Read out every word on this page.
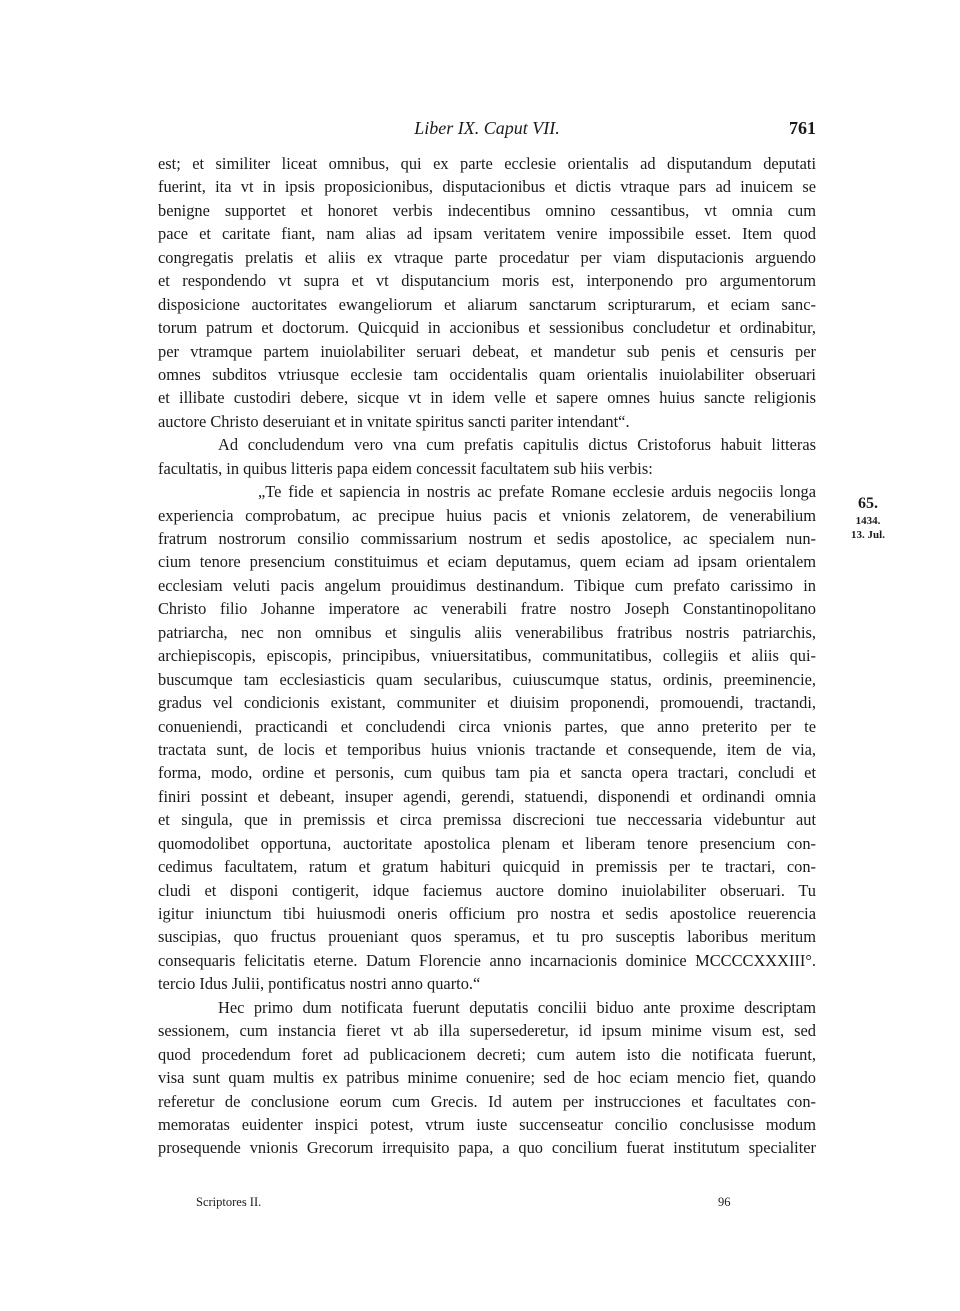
Liber IX. Caput VII.	761
est; et similiter liceat omnibus, qui ex parte ecclesie orientalis ad disputandum deputati
fuerint, ita vt in ipsis proposicionibus, disputacionibus et dictis vtraque pars ad inuicem se
benigne supportet et honoret verbis indecentibus omnino cessantibus, vt omnia cum
pace et caritate fiant, nam alias ad ipsam veritatem venire impossibile esset. Item quod
congregatis prelatis et aliis ex vtraque parte procedatur per viam disputacionis arguendo
et respondendo vt supra et vt disputancium moris est, interponendo pro argumentorum
disposicione auctoritates ewangeliorum et aliarum sanctarum scripturarum, et eciam sanc-
torum patrum et doctorum. Quicquid in accionibus et sessionibus concludetur et ordinabitur,
per vtramque partem inuiolabiliter seruari debeat, et mandetur sub penis et censuris per
omnes subditos vtriusque ecclesie tam occidentalis quam orientalis inuiolabiliter obseruari
et illibate custodiri debere, sicque vt in idem velle et sapere omnes huius sancte religionis
auctore Christo deseruiant et in vnitate spiritus sancti pariter intendant“.
Ad concludendum vero vna cum prefatis capitulis dictus Cristoforus habuit litteras
facultatis, in quibus litteris papa eidem concessit facultatem sub hiis verbis:
„Te fide et sapiencia in nostris ac prefate Romane ecclesie arduis negociis longa
experiencia comprobatum, ac precipue huius pacis et vnionis zelatorem, de venerabilium
fratrum nostrorum consilio commissarium nostrum et sedis apostolice, ac specialem nun-
cium tenore presencium constituimus et eciam deputamus, quem eciam ad ipsam orientalem
ecclesiam veluti pacis angelum prouidimus destinandum. Tibique cum prefato carissimo in
Christo filio Johanne imperatore ac venerabili fratre nostro Joseph Constantinopolitano
patriarcha, nec non omnibus et singulis aliis venerabilibus fratribus nostris patriarchis,
archiepiscopis, episcopis, principibus, vniuersitatibus, communitatibus, collegiis et aliis qui-
buscumque tam ecclesiasticis quam secularibus, cuiuscumque status, ordinis, preeminencie,
gradus vel condicionis existant, communiter et diuisim proponendi, promouendi, tractandi,
conueniendi, practicandi et concludendi circa vnionis partes, que anno preterito per te
tractata sunt, de locis et temporibus huius vnionis tractande et consequende, item de via,
forma, modo, ordine et personis, cum quibus tam pia et sancta opera tractari, concludi et
finiri possint et debeant, insuper agendi, gerendi, statuendi, disponendi et ordinandi omnia
et singula, que in premissis et circa premissa discrecioni tue neccessaria videbuntur aut
quomodolibet opportuna, auctoritate apostolica plenam et liberam tenore presencium con-
cedimus facultatem, ratum et gratum habituri quicquid in premissis per te tractari, con-
cludi et disponi contigerit, idque faciemus auctore domino inuiolabiliter obseruari. Tu
igitur iniunctum tibi huiusmodi oneris officium pro nostra et sedis apostolice reuerencia
suscipias, quo fructus proueniant quos speramus, et tu pro susceptis laboribus meritum
consequaris felicitatis eterne. Datum Florencie anno incarnacionis dominice MCCCCXXXIII°.
tercio Idus Julii, pontificatus nostri anno quarto.“
Hec primo dum notificata fuerunt deputatis concilii biduo ante proxime descriptam
sessionem, cum instancia fieret vt ab illa supersederetur, id ipsum minime visum est, sed
quod procedendum foret ad publicacionem decreti; cum autem isto die notificata fuerunt,
visa sunt quam multis ex patribus minime conuenire; sed de hoc eciam mencio fiet, quando
referetur de conclusione eorum cum Grecis. Id autem per instrucciones et facultates con-
memoratas euidenter inspici potest, vtrum iuste succenseatur concilio conclusisse modum
prosequende vnionis Grecorum irrequisito papa, a quo concilium fuerat institutum specialiter
65.
1434.
13. Jul.
Scriptores II.	96
